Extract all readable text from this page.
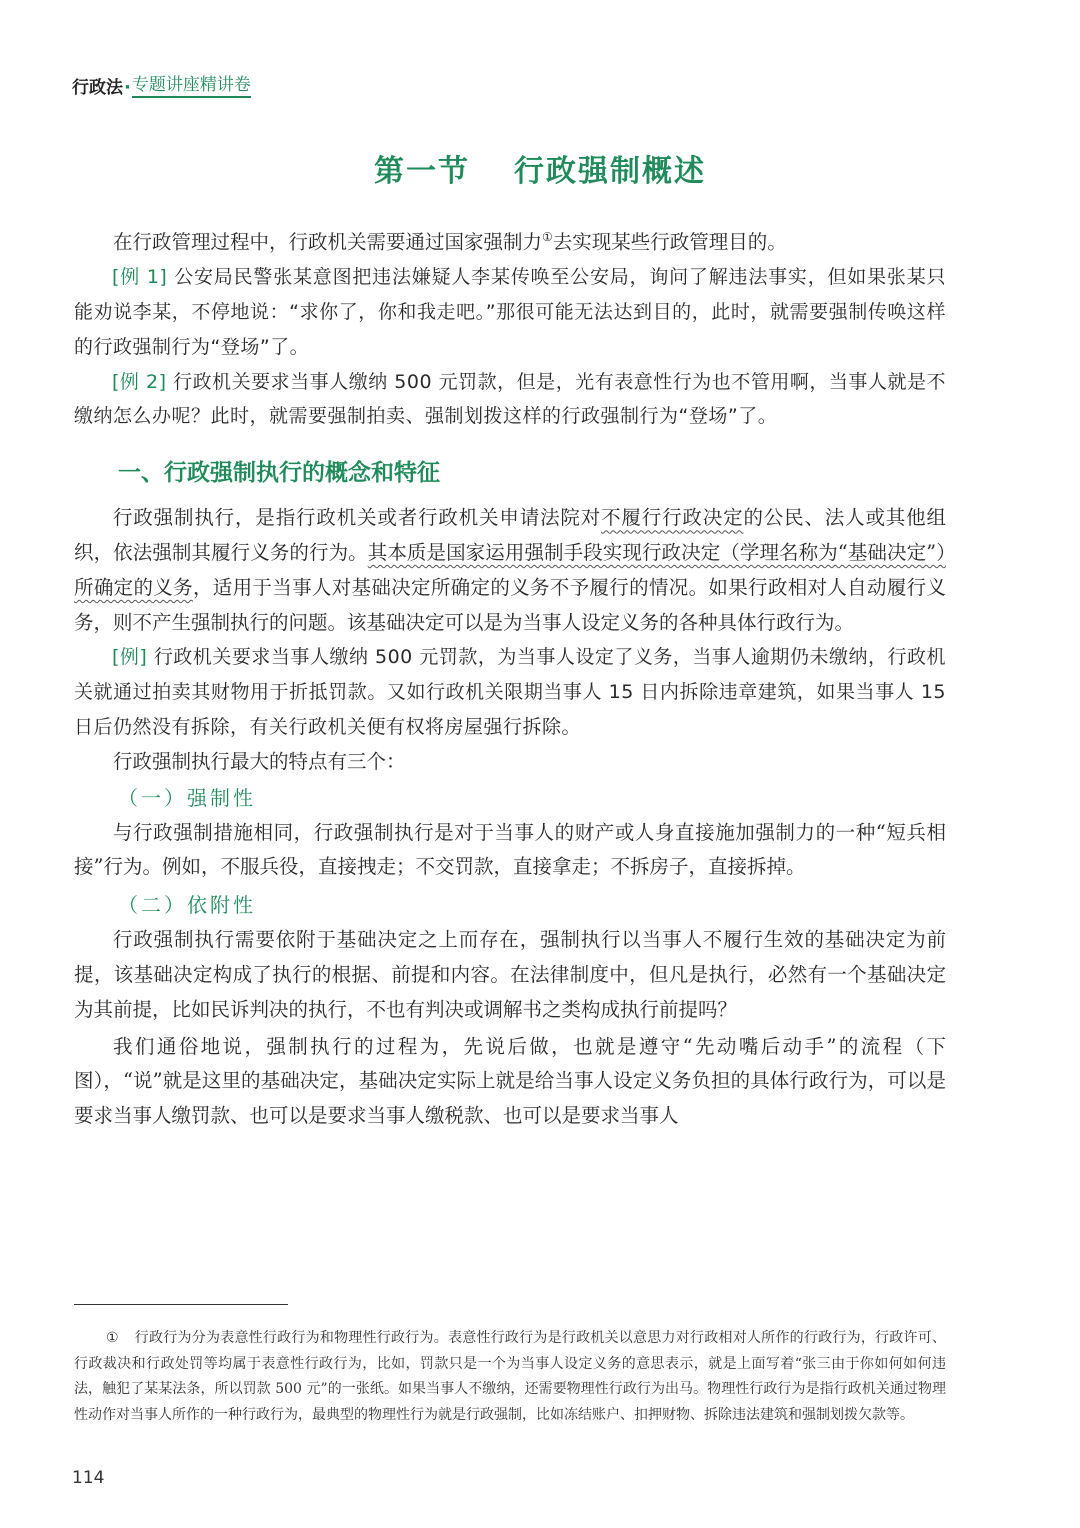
行政法 · 专题讲座精讲卷
第一节 行政强制概述

在行政管理过程中，行政机关需要通过国家强制力①去实现某些行政管理目的。

[例 1] 公安局民警张某意图把违法嫌疑人李某传唤至公安局，询问了解违法事实，但如果张某只能劝说李某，不停地说：“求你了，你和我走吧。”那很可能无法达到目的，此时，就需要强制传唤这样的行政强制行为“登场”了。

[例 2] 行政机关要求当事人缴纳 500 元罚款，但是，光有表意性行为也不管用啊，当事人就是不缴纳怎么办呢？此时，就需要强制拍卖、强制划拨这样的行政强制行为“登场”了。

一、行政强制执行的概念和特征

行政强制执行，是指行政机关或者行政机关申请法院对不履行行政决定的公民、法人或其他组织，依法强制其履行义务的行为。其本质是国家运用强制手段实现行政决定（学理名称为“基础决定”）所确定的义务，适用于当事人对基础决定所确定的义务不予履行的情况。如果行政相对人自动履行义务，则不产生强制执行的问题。该基础决定可以是为当事人设定义务的各种具体行政行为。

[例] 行政机关要求当事人缴纳 500 元罚款，为当事人设定了义务，当事人逾期仍未缴纳，行政机关就通过拍卖其财物用于折抵罚款。又如行政机关限期当事人 15 日内拆除违章建筑，如果当事人 15 日后仍然没有拆除，有关行政机关便有权将房屋强行拆除。

行政强制执行最大的特点有三个：

（一）强制性

与行政强制措施相同，行政强制执行是对于当事人的财产或人身直接施加强制力的一种“短兵相接”行为。例如，不服兵役，直接拽走；不交罚款，直接拿走；不拆房子，直接拆掉。

（二）依附性

行政强制执行需要依附于基础决定之上而存在，强制执行以当事人不履行生效的基础决定为前提，该基础决定构成了执行的根据、前提和内容。在法律制度中，但凡是执行，必然有一个基础决定为其前提，比如民诉判决的执行，不也有判决或调解书之类构成执行前提吗？

我们通俗地说，强制执行的过程为，先说后做，也就是遵守“先动嘴后动手”的流程（下图），“说”就是这里的基础决定，基础决定实际上就是给当事人设定义务负担的具体行政行为，可以是要求当事人缴罚款、也可以是要求当事人缴税款、也可以是要求当事人

① 行政行为分为表意性行政行为和物理性行政行为。表意性行政行为是行政机关以意思力对行政相对人所作的行政行为，行政许可、行政裁决和行政处罚等均属于表意性行政行为，比如，罚款只是一个为当事人设定义务的意思表示，就是上面写着“张三由于你如何如何违法，触犯了某某法条，所以罚款 500 元”的一张纸。如果当事人不缴纳，还需要物理性行政行为出马。物理性行政行为是指行政机关通过物理性动作对当事人所作的一种行政行为，最典型的物理性行为就是行政强制，比如冻结账户、扣押财物、拆除违法建筑和强制划拨欠款等。
114
